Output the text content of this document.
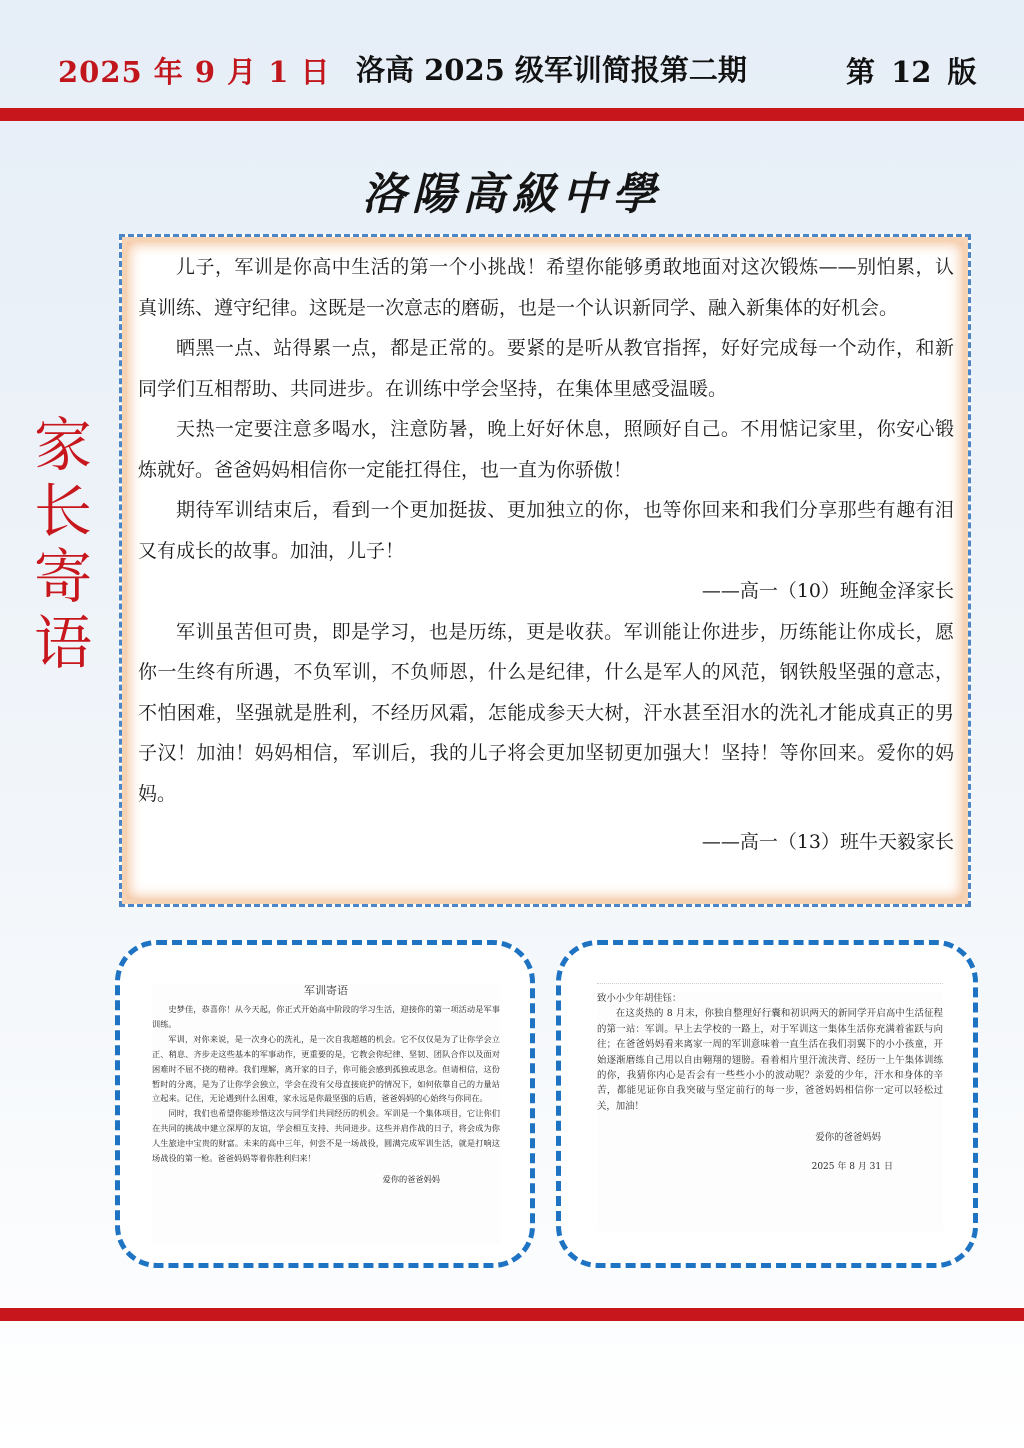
2025 年 9 月 1 日 洛高 2025 级军训简报第二期	第 12 版
洛陽高級中學
家
长
寄
语

儿子，军训是你高中生活的第一个小挑战！希望你能够勇敢地面对这次锻炼——别怕累，认真训练、遵守纪律。这既是一次意志的磨砺，也是一个认识新同学、融入新集体的好机会。

晒黑一点、站得累一点，都是正常的。要紧的是听从教官指挥，好好完成每一个动作，和新同学们互相帮助、共同进步。在训练中学会坚持，在集体里感受温暖。

天热一定要注意多喝水，注意防暑，晚上好好休息，照顾好自己。不用惦记家里，你安心锻炼就好。爸爸妈妈相信你一定能扛得住，也一直为你骄傲！

期待军训结束后，看到一个更加挺拔、更加独立的你，也等你回来和我们分享那些有趣有泪又有成长的故事。加油，儿子！

——高一（10）班鲍金泽家长

军训虽苦但可贵，即是学习，也是历练，更是收获。军训能让你进步，历练能让你成长，愿你一生终有所遇，不负军训，不负师恩，什么是纪律，什么是军人的风范，钢铁般坚强的意志，不怕困难，坚强就是胜利，不经历风霜，怎能成参天大树，汗水甚至泪水的洗礼才能成真正的男子汉！加油！妈妈相信，军训后，我的儿子将会更加坚韧更加强大！坚持！等你回来。爱你的妈妈。

——高一（13）班牛天毅家长

军训寄语

史梦佳，恭喜你！从今天起，你正式开始高中阶段的学习生活，迎接你的第一项活动是军事训练。

军训，对你来说，是一次身心的洗礼，是一次自我超越的机会。它不仅仅是为了让你学会立正、稍息、齐步走这些基本的军事动作，更重要的是，它教会你纪律、坚韧、团队合作以及面对困难时不屈不挠的精神。我们理解，离开家的日子，你可能会感到孤独或思念。但请相信，这份暂时的分离，是为了让你学会独立，学会在没有父母直接庇护的情况下，如何依靠自己的力量站立起来。记住，无论遇到什么困难，家永远是你最坚强的后盾，爸爸妈妈的心始终与你同在。

同时，我们也希望你能珍惜这次与同学们共同经历的机会。军训是一个集体项目，它让你们在共同的挑战中建立深厚的友谊，学会相互支持、共同进步。这些并肩作战的日子，将会成为你人生旅途中宝贵的财富。未来的高中三年，何尝不是一场战役，圆满完成军训生活，就是打响这场战役的第一枪。爸爸妈妈等着你胜利归来！

爱你的爸爸妈妈

致小小少年胡佳钰：

在这炎热的 8 月末，你独自整理好行囊和初识两天的新同学开启高中生活征程的第一站：军训。早上去学校的一路上，对于军训这一集体生活你充满着雀跃与向往；在爸爸妈妈看来离家一周的军训意味着一直生活在我们羽翼下的小小孩童，开始逐渐磨练自己用以自由翱翔的翅膀。看着相片里汗流浃背、经历一上午集体训练的你，我猜你内心是否会有一些些小小的波动呢？亲爱的少年，汗水和身体的辛苦，都能见证你自我突破与坚定前行的每一步，爸爸妈妈相信你一定可以轻松过关，加油！

爱你的爸爸妈妈
2025 年 8 月 31 日
